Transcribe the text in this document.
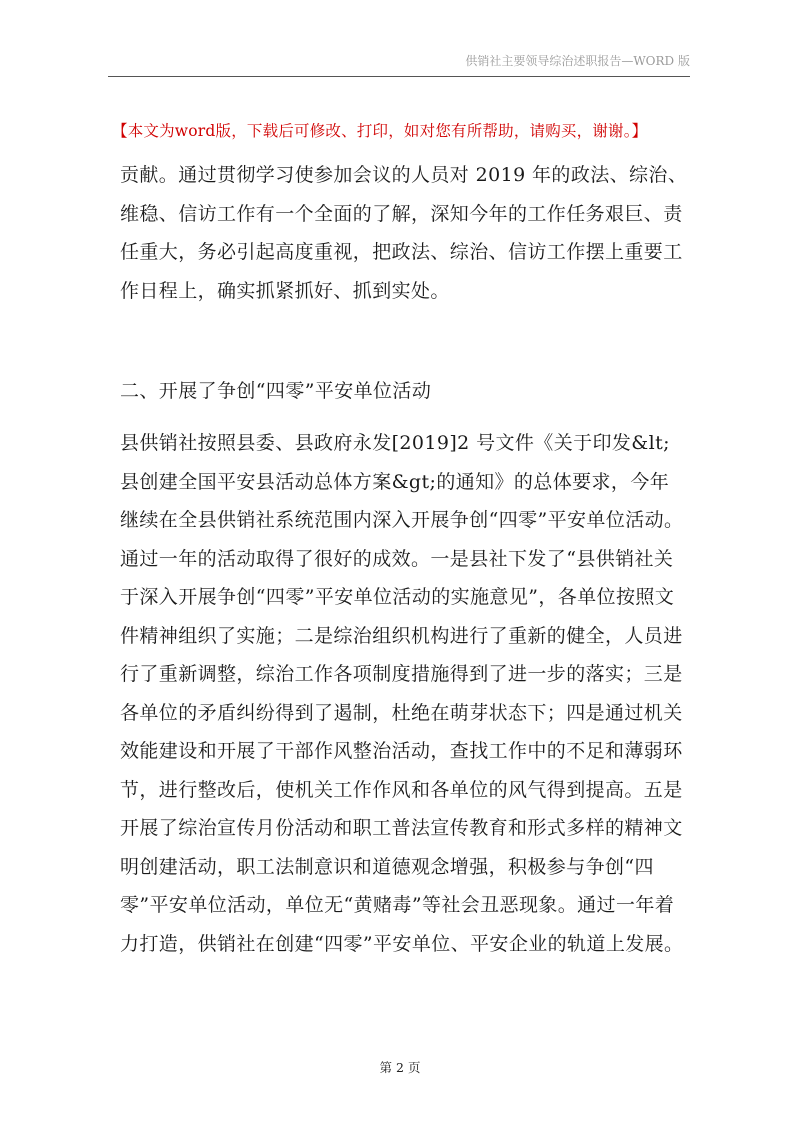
供销社主要领导综治述职报告—WORD 版
【本文为word版，下载后可修改、打印，如对您有所帮助，请购买，谢谢。】

贡献。通过贯彻学习使参加会议的人员对 2019 年的政法、综治、维稳、信访工作有一个全面的了解，深知今年的工作任务艰巨、责任重大，务必引起高度重视，把政法、综治、信访工作摆上重要工作日程上，确实抓紧抓好、抓到实处。

二、开展了争创“四零”平安单位活动

县供销社按照县委、县政府永发[2019]2 号文件《关于印发&lt;县创建全国平安县活动总体方案&gt;的通知》的总体要求，今年继续在全县供销社系统范围内深入开展争创“四零”平安单位活动。通过一年的活动取得了很好的成效。一是县社下发了“县供销社关于深入开展争创“四零”平安单位活动的实施意见”，各单位按照文件精神组织了实施；二是综治组织机构进行了重新的健全，人员进行了重新调整，综治工作各项制度措施得到了进一步的落实；三是各单位的矛盾纠纷得到了遏制，杜绝在萌芽状态下；四是通过机关效能建设和开展了干部作风整治活动，查找工作中的不足和薄弱环节，进行整改后，使机关工作作风和各单位的风气得到提高。五是开展了综治宣传月份活动和职工普法宣传教育和形式多样的精神文明创建活动，职工法制意识和道德观念增强，积极参与争创“四零”平安单位活动，单位无“黄赌毒”等社会丑恶现象。通过一年着力打造，供销社在创建“四零”平安单位、平安企业的轨道上发展。

第 2 页
